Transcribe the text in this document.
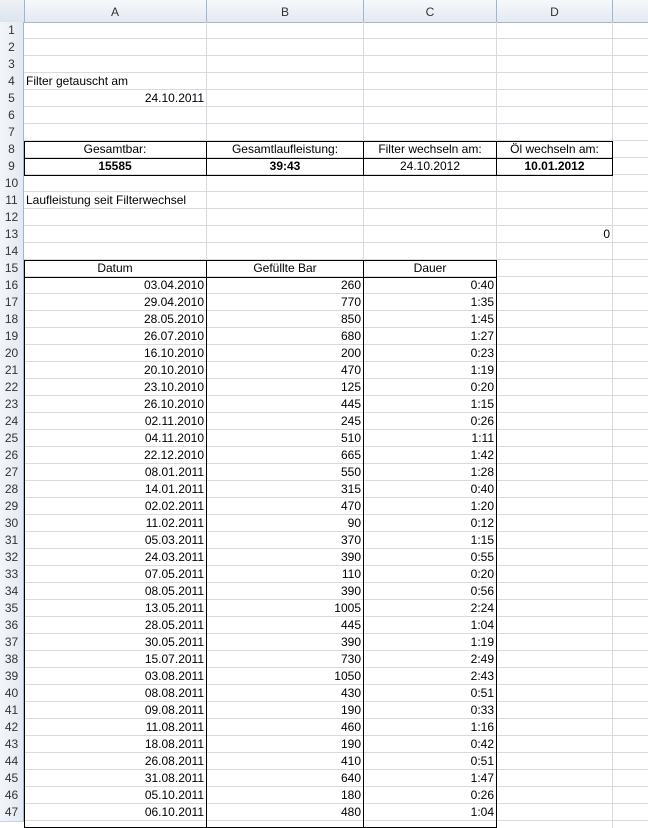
A	B	C	D
1
2
3
4
5
6
7
8
9
10
11
12
13
14
15
16
17
18
19
20
21
22
23
24
25
26
27
28
29
30
31
32
33
34
35
36
37
38
39
40
41
42
43
44
45
46
47
Filter getauscht am
24.10.2011
Gesamtbar:	Gesamtlaufleistung:	Filter wechseln am:	Öl wechseln am:
15585	39:43	24.10.2012	10.01.2012
Laufleistung seit Filterwechsel
0
Datum	Gefüllte Bar	Dauer
03.04.2010	260	0:40
29.04.2010	770	1:35
28.05.2010	850	1:45
26.07.2010	680	1:27
16.10.2010	200	0:23
20.10.2010	470	1:19
23.10.2010	125	0:20
26.10.2010	445	1:15
02.11.2010	245	0:26
04.11.2010	510	1:11
22.12.2010	665	1:42
08.01.2011	550	1:28
14.01.2011	315	0:40
02.02.2011	470	1:20
11.02.2011	90	0:12
05.03.2011	370	1:15
24.03.2011	390	0:55
07.05.2011	110	0:20
08.05.2011	390	0:56
13.05.2011	1005	2:24
28.05.2011	445	1:04
30.05.2011	390	1:19
15.07.2011	730	2:49
03.08.2011	1050	2:43
08.08.2011	430	0:51
09.08.2011	190	0:33
11.08.2011	460	1:16
18.08.2011	190	0:42
26.08.2011	410	0:51
31.08.2011	640	1:47
05.10.2011	180	0:26
06.10.2011	480	1:04
